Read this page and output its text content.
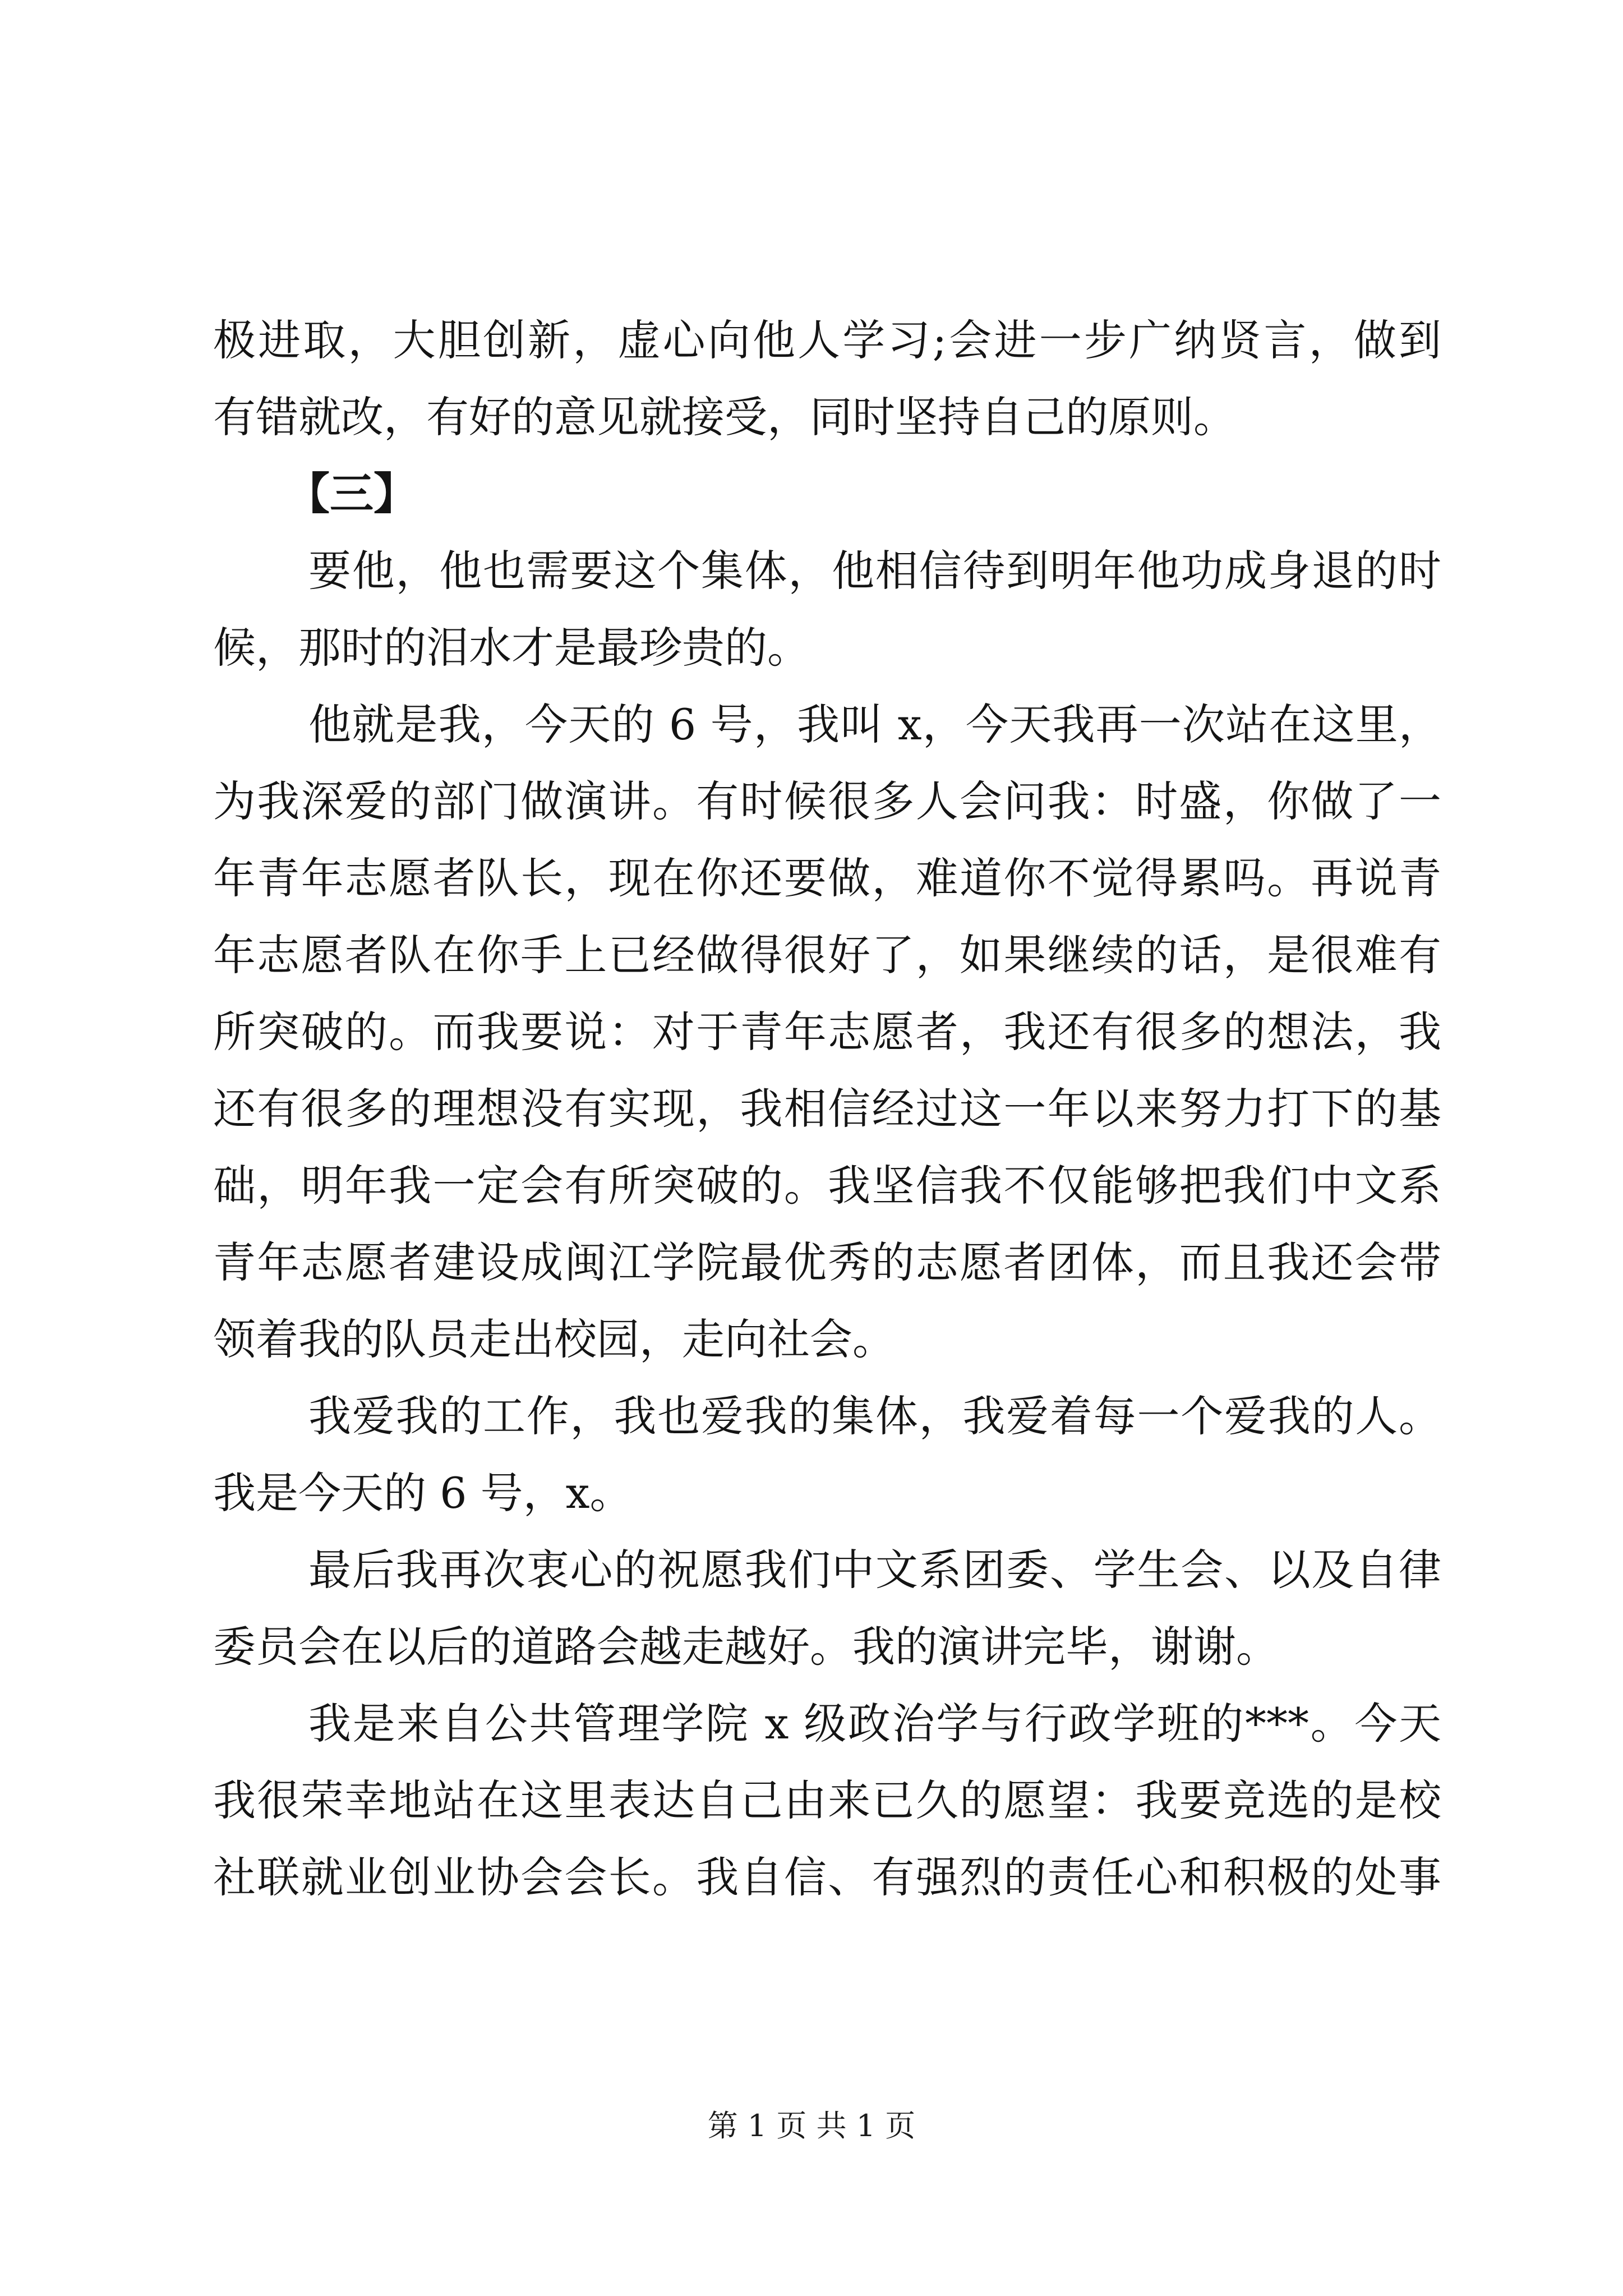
极进取，大胆创新，虚心向他人学习;会进一步广纳贤言，做到
有错就改，有好的意见就接受，同时坚持自己的原则。
【三】
要他，他也需要这个集体，他相信待到明年他功成身退的时
候，那时的泪水才是最珍贵的。
他就是我，今天的 6 号，我叫 x，今天我再一次站在这里，
为我深爱的部门做演讲。有时候很多人会问我：时盛，你做了一
年青年志愿者队长，现在你还要做，难道你不觉得累吗。再说青
年志愿者队在你手上已经做得很好了，如果继续的话，是很难有
所突破的。而我要说：对于青年志愿者，我还有很多的想法，我
还有很多的理想没有实现，我相信经过这一年以来努力打下的基
础，明年我一定会有所突破的。我坚信我不仅能够把我们中文系
青年志愿者建设成闽江学院最优秀的志愿者团体，而且我还会带
领着我的队员走出校园，走向社会。
我爱我的工作，我也爱我的集体，我爱着每一个爱我的人。
我是今天的 6 号，x。
最后我再次衷心的祝愿我们中文系团委、学生会、以及自律
委员会在以后的道路会越走越好。我的演讲完毕，谢谢。
我是来自公共管理学院 x 级政治学与行政学班的***。今天
我很荣幸地站在这里表达自己由来已久的愿望：我要竞选的是校
社联就业创业协会会长。我自信、有强烈的责任心和积极的处事
第 1 页 共 1 页
